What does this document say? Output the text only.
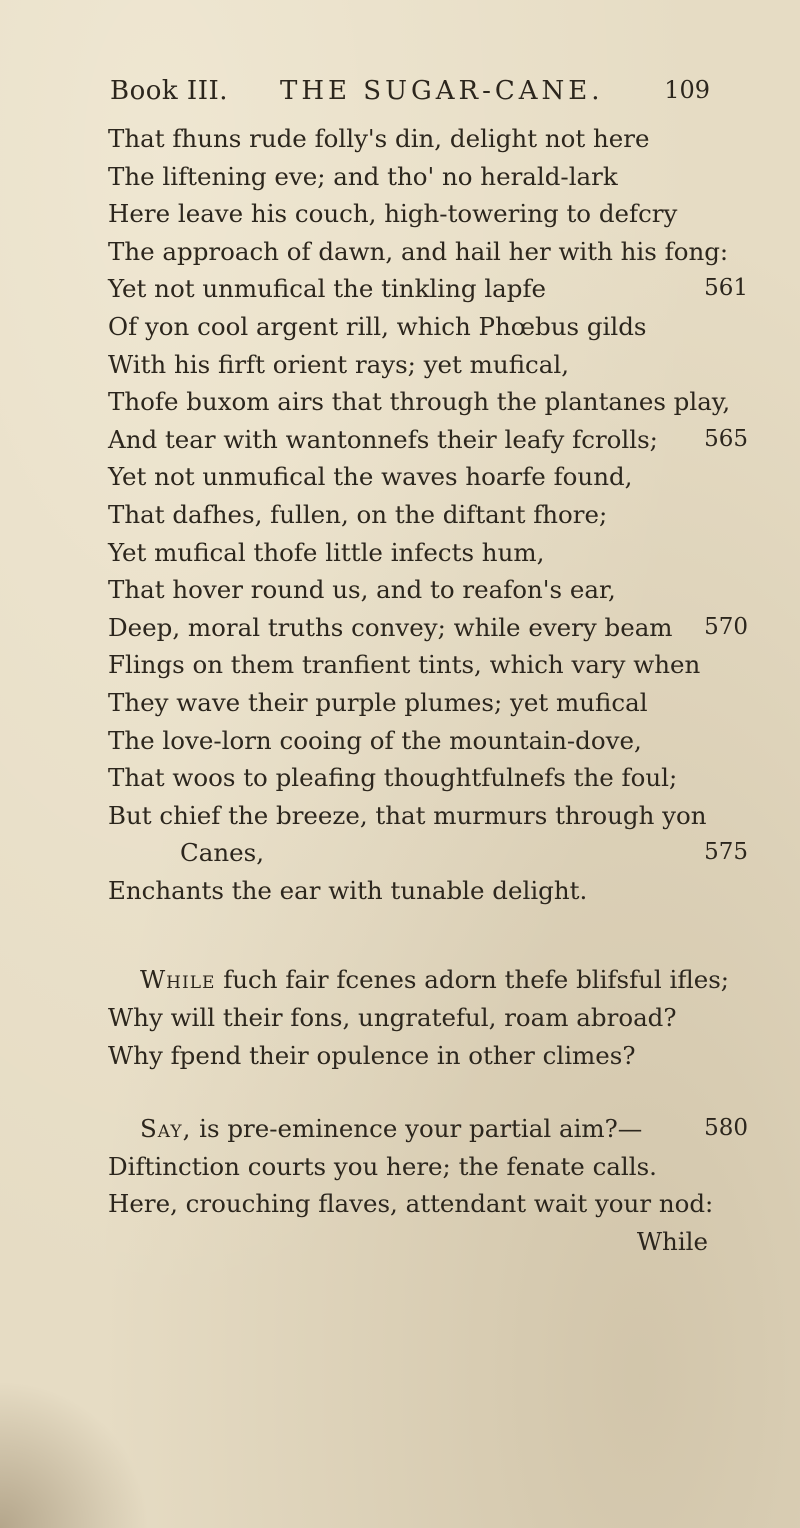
Book III. THE SUGAR-CANE.	109
That fhuns rude folly's din, delight not here
The liftening eve; and tho' no herald-lark
Here leave his couch, high-towering to defcry
The approach of dawn, and hail her with his fong:
Yet not unmufical the tinkling lapfe	561
Of yon cool argent rill, which Phœbus gilds
With his firft orient rays; yet mufical,
Thofe buxom airs that through the plantanes play,
And tear with wantonnefs their leafy fcrolls; 565
Yet not unmufical the waves hoarfe found,
That dafhes, fullen, on the diftant fhore;
Yet mufical thofe little infects hum,
That hover round us, and to reafon's ear,
Deep, moral truths convey; while every beam 570
Flings on them tranfient tints, which vary when
They wave their purple plumes; yet mufical
The love-lorn cooing of the mountain-dove,
That woos to pleafing thoughtfulnefs the foul;
But chief the breeze, that murmurs through yon
Canes,	575
Enchants the ear with tunable delight.
While fuch fair fcenes adorn thefe blifsful ifles;
Why will their fons, ungrateful, roam abroad?
Why fpend their opulence in other climes?
Say, is pre-eminence your partial aim?—	580
Diftinction courts you here; the fenate calls.
Here, crouching flaves, attendant wait your nod:
While
